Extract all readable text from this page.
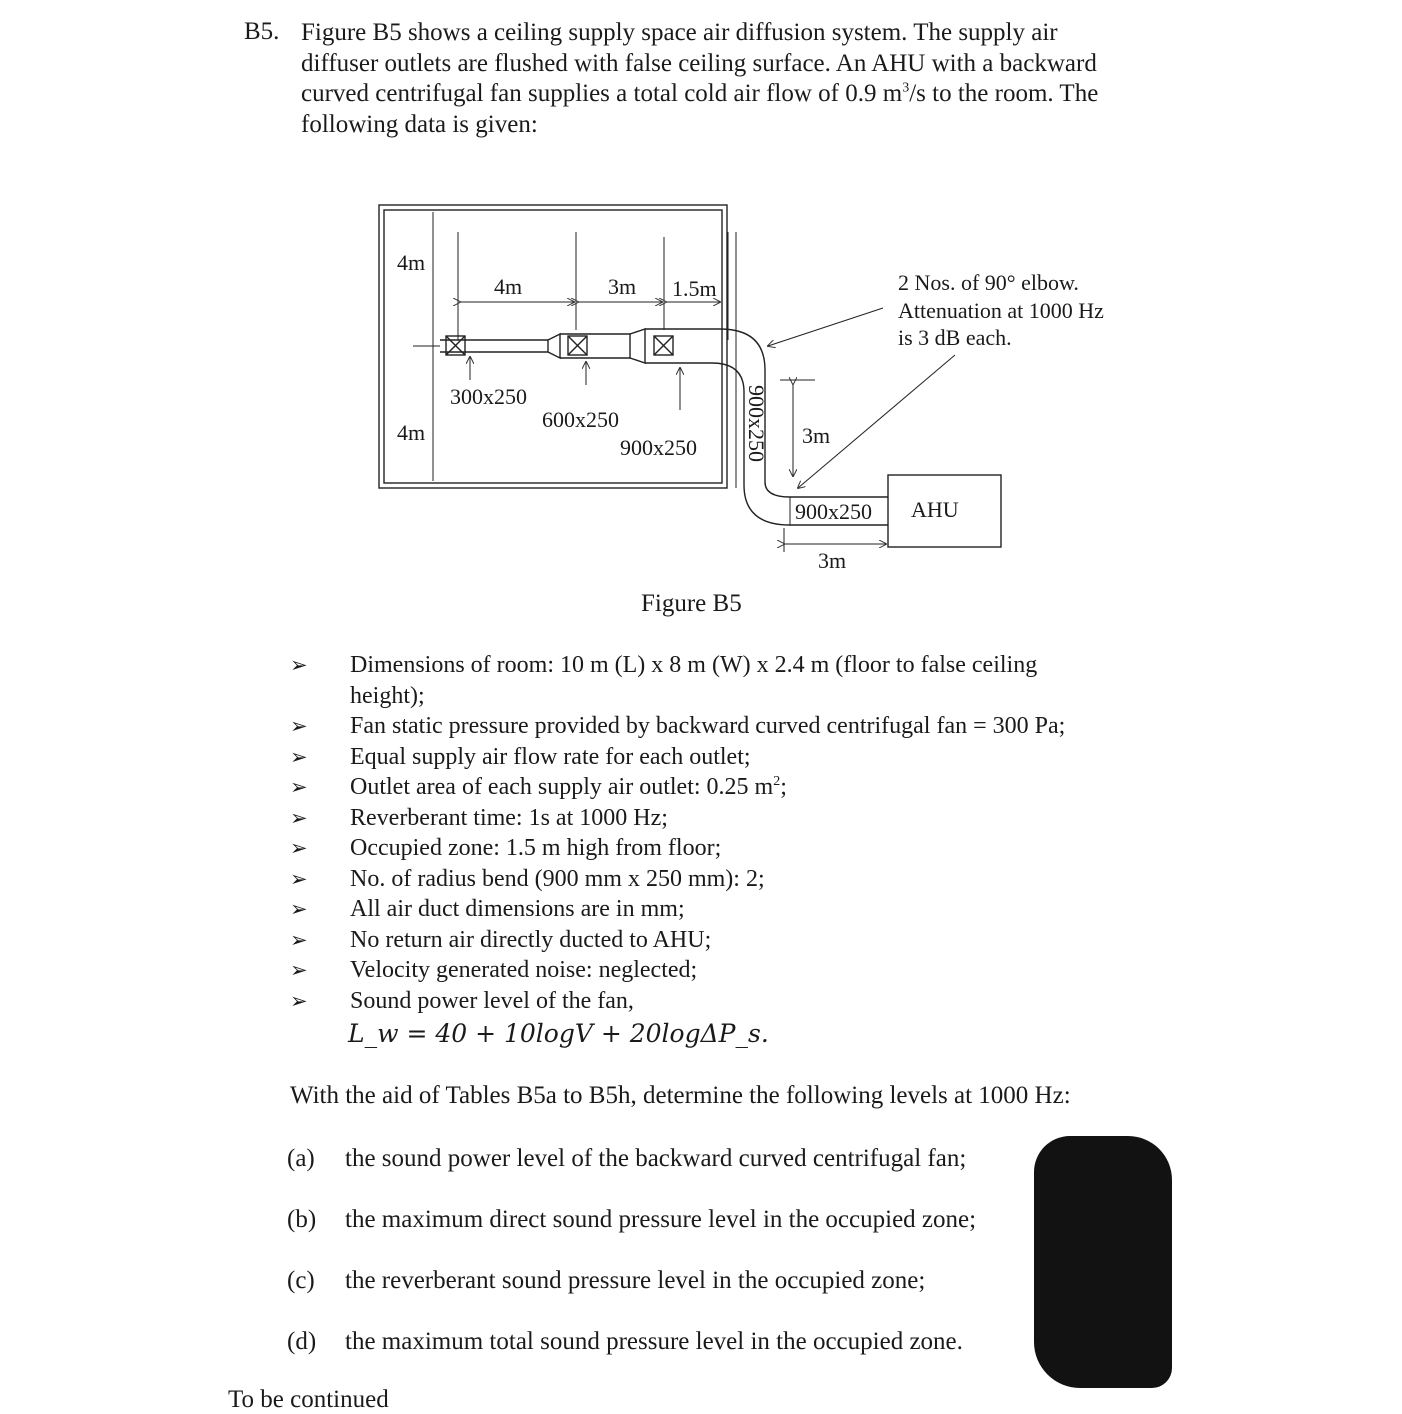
B5. Figure B5 shows a ceiling supply space air diffusion system. The supply air
diffuser outlets are flushed with false ceiling surface. An AHU with a backward
curved centrifugal fan supplies a total cold air flow of 0.9 $m^3/s$ to the room. The
following data is given:
4m
4m
4m	3m 1.5m
300x250
600x250
900x250 900x250 3m
900x250 AHU
3m
2 Nos. of 90° elbow.
Attenuation at 1000 Hz
is 3 dB each.
Figure B5
➢ Dimensions of room: 10 m (L) x 8 m (W) x 2.4 m (floor to false ceiling
height);
➢ Fan static pressure provided by backward curved centrifugal fan = 300 Pa;
➢ Equal supply air flow rate for each outlet;
➢ Outlet area of each supply air outlet: 0.25 $m^2$;
➢ Reverberant time: 1s at 1000 Hz;
➢ Occupied zone: 1.5 m high from floor;
➢ No. of radius bend (900 mm x 250 mm): 2;
➢ All air duct dimensions are in mm;
➢ No return air directly ducted to AHU;
➢ Velocity generated noise: neglected;
➢ Sound power level of the fan,
L_w = 40 + 10logV + 20logΔP_s.
With the aid of Tables B5a to B5h, determine the following levels at 1000 Hz:
(a) the sound power level of the backward curved centrifugal fan;
(b) the maximum direct sound pressure level in the occupied zone;
(c) the reverberant sound pressure level in the occupied zone;
(d) the maximum total sound pressure level in the occupied zone.
To be continued
